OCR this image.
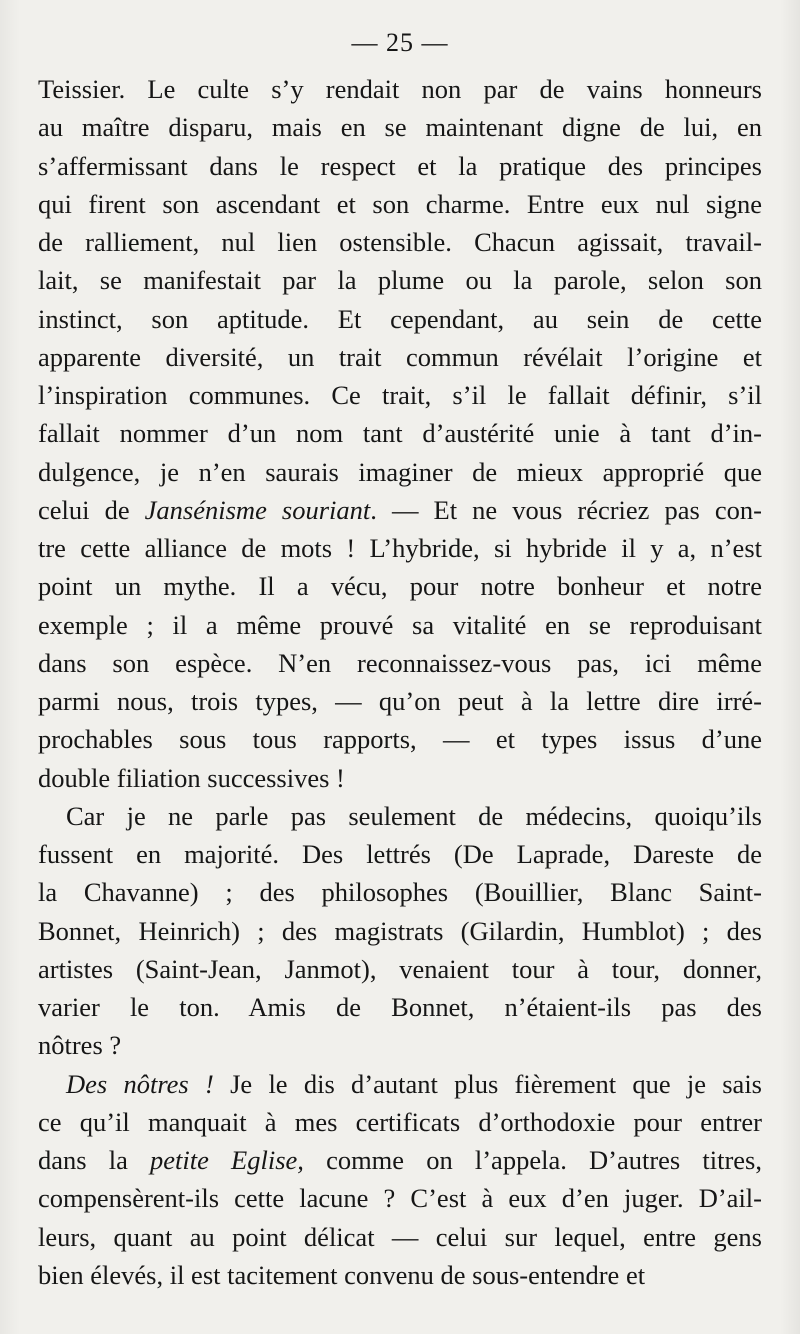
— 25 —
Teissier. Le culte s’y rendait non par de vains honneurs
au maître disparu, mais en se maintenant digne de lui, en
s’affermissant dans le respect et la pratique des principes
qui firent son ascendant et son charme. Entre eux nul signe
de ralliement, nul lien ostensible. Chacun agissait, travail-
lait, se manifestait par la plume ou la parole, selon son
instinct, son aptitude. Et cependant, au sein de cette
apparente diversité, un trait commun révélait l’origine et
l’inspiration communes. Ce trait, s’il le fallait définir, s’il
fallait nommer d’un nom tant d’austérité unie à tant d’in-
dulgence, je n’en saurais imaginer de mieux approprié que
celui de Jansénisme souriant. — Et ne vous récriez pas con-
tre cette alliance de mots ! L’hybride, si hybride il y a, n’est
point un mythe. Il a vécu, pour notre bonheur et notre
exemple ; il a même prouvé sa vitalité en se reproduisant
dans son espèce. N’en reconnaissez-vous pas, ici même
parmi nous, trois types, — qu’on peut à la lettre dire irré-
prochables sous tous rapports, — et types issus d’une
double filiation successives !
Car je ne parle pas seulement de médecins, quoiqu’ils
fussent en majorité. Des lettrés (De Laprade, Dareste de
la Chavanne) ; des philosophes (Bouillier, Blanc Saint-
Bonnet, Heinrich) ; des magistrats (Gilardin, Humblot) ; des
artistes (Saint-Jean, Janmot), venaient tour à tour, donner,
varier le ton. Amis de Bonnet, n’étaient-ils pas des
nôtres ?
Des nôtres ! Je le dis d’autant plus fièrement que je sais
ce qu’il manquait à mes certificats d’orthodoxie pour entrer
dans la petite Eglise, comme on l’appela. D’autres titres,
compensèrent-ils cette lacune ? C’est à eux d’en juger. D’ail-
leurs, quant au point délicat — celui sur lequel, entre gens
bien élevés, il est tacitement convenu de sous-entendre et
